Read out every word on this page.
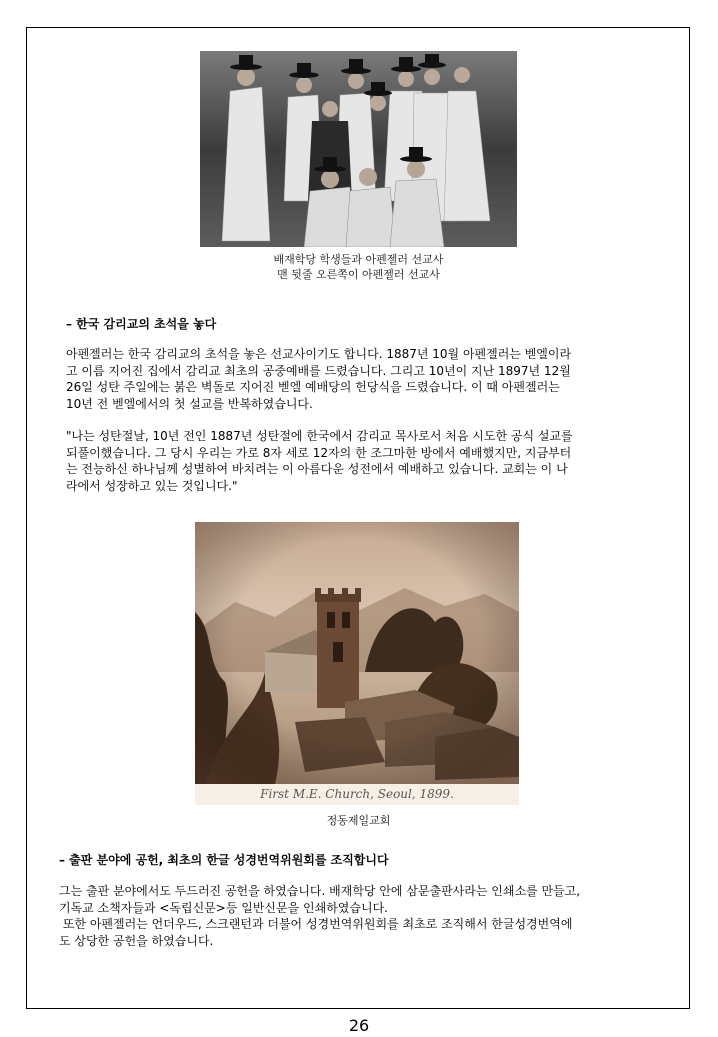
배재학당 학생들과 아펜젤러 선교사
맨 뒷줄 오른쪽이 아펜젤러 선교사
– 한국 감리교의 초석을 놓다
아펜젤러는 한국 감리교의 초석을 놓은 선교사이기도 합니다. 1887년 10월 아펜젤러는 벧엘이라
고 이름 지어진 집에서 감리교 최초의 공중예배를 드렸습니다. 그리고 10년이 지난 1897년 12월
26일 성탄 주일에는 붉은 벽돌로 지어진 벧엘 예배당의 헌당식을 드렸습니다. 이 때 아펜젤러는
10년 전 벧엘에서의 첫 설교를 반복하였습니다.
"나는 성탄절날, 10년 전인 1887년 성탄절에 한국에서 감리교 목사로서 처음 시도한 공식 설교를
되풀이했습니다. 그 당시 우리는 가로 8자 세로 12자의 한 조그마한 방에서 예배했지만, 지금부터
는 전능하신 하나님께 성별하여 바치려는 이 아름다운 성전에서 예배하고 있습니다. 교회는 이 나
라에서 성장하고 있는 것입니다."
First M.E. Church, Seoul, 1899.
정동제일교회
– 출판 분야에 공헌, 최초의 한글 성경번역위원회를 조직합니다
그는 출판 분야에서도 두드러진 공헌을 하였습니다. 배재학당 안에 삼문출판사라는 인쇄소를 만들고,
기독교 소책자들과 <독립신문>등 일반신문을 인쇄하였습니다.
또한 아펜젤러는 언더우드, 스크랜턴과 더불어 성경번역위원회를 최초로 조직해서 한글성경번역에
도 상당한 공헌을 하였습니다.
26
